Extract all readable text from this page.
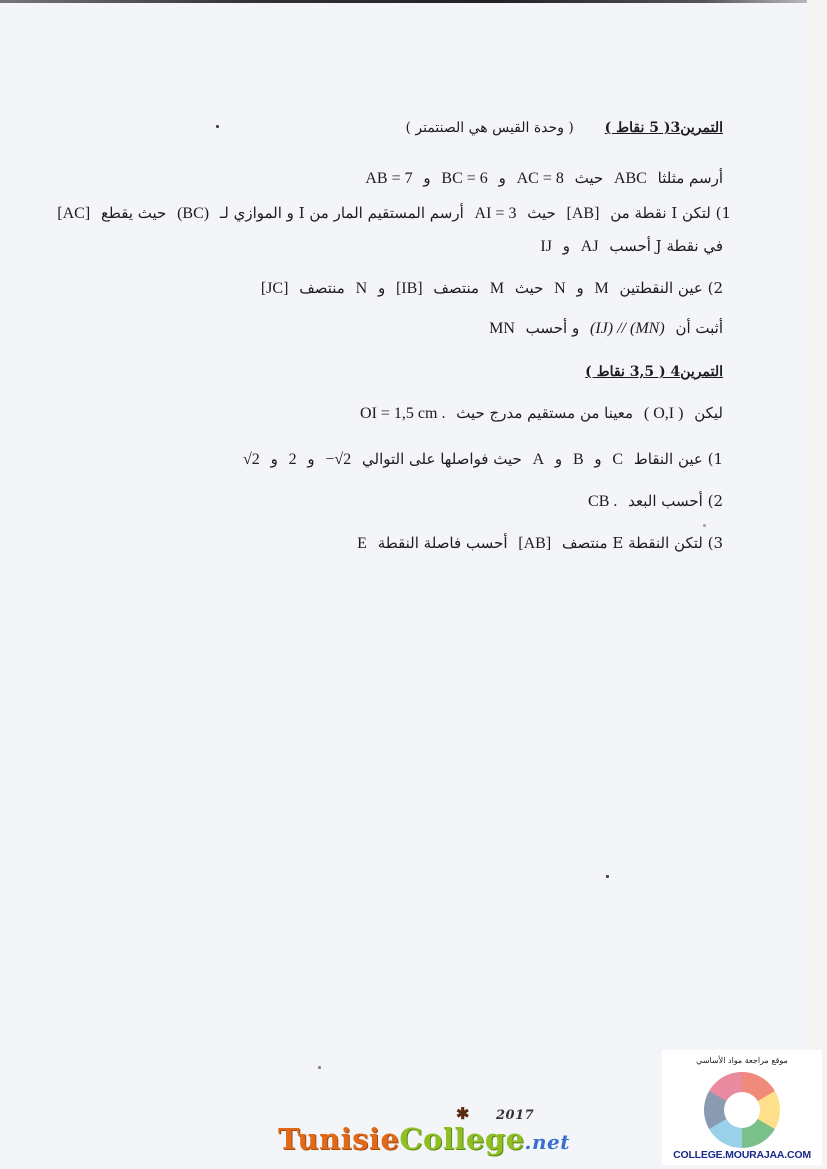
التمرين3( 5 نقاط ) ( وحدة القيس هي الصنتمتر )
أرسم مثلثا ABC حيث AC = 8 و BC = 6 و AB = 7
1) لتكن I نقطة من [AB] حيث AI = 3 أرسم المستقيم المار من I و الموازي لـ (BC) حيث يقطع [AC]
في نقطة J أحسب AJ و IJ
2) عين النقطتين M و N حيث M منتصف [IB] و N منتصف [JC]
أثبت أن (IJ) // (MN) و أحسب MN
التمرين4 ( 3,5 نقاط )
ليكن ( O,I ) معينا من مستقيم مدرج حيث OI = 1,5 cm .
1) عين النقاط C و B و A حيث فواصلها على التوالي −√2 و 2 و √2
2) أحسب البعد CB .
3) لتكن النقطة E منتصف [AB] أحسب فاصلة النقطة E
✱ 2017
TunisieCollege.net
موقع مراجعة مواد الأساسي
COLLEGE.MOURAJAA.COM
